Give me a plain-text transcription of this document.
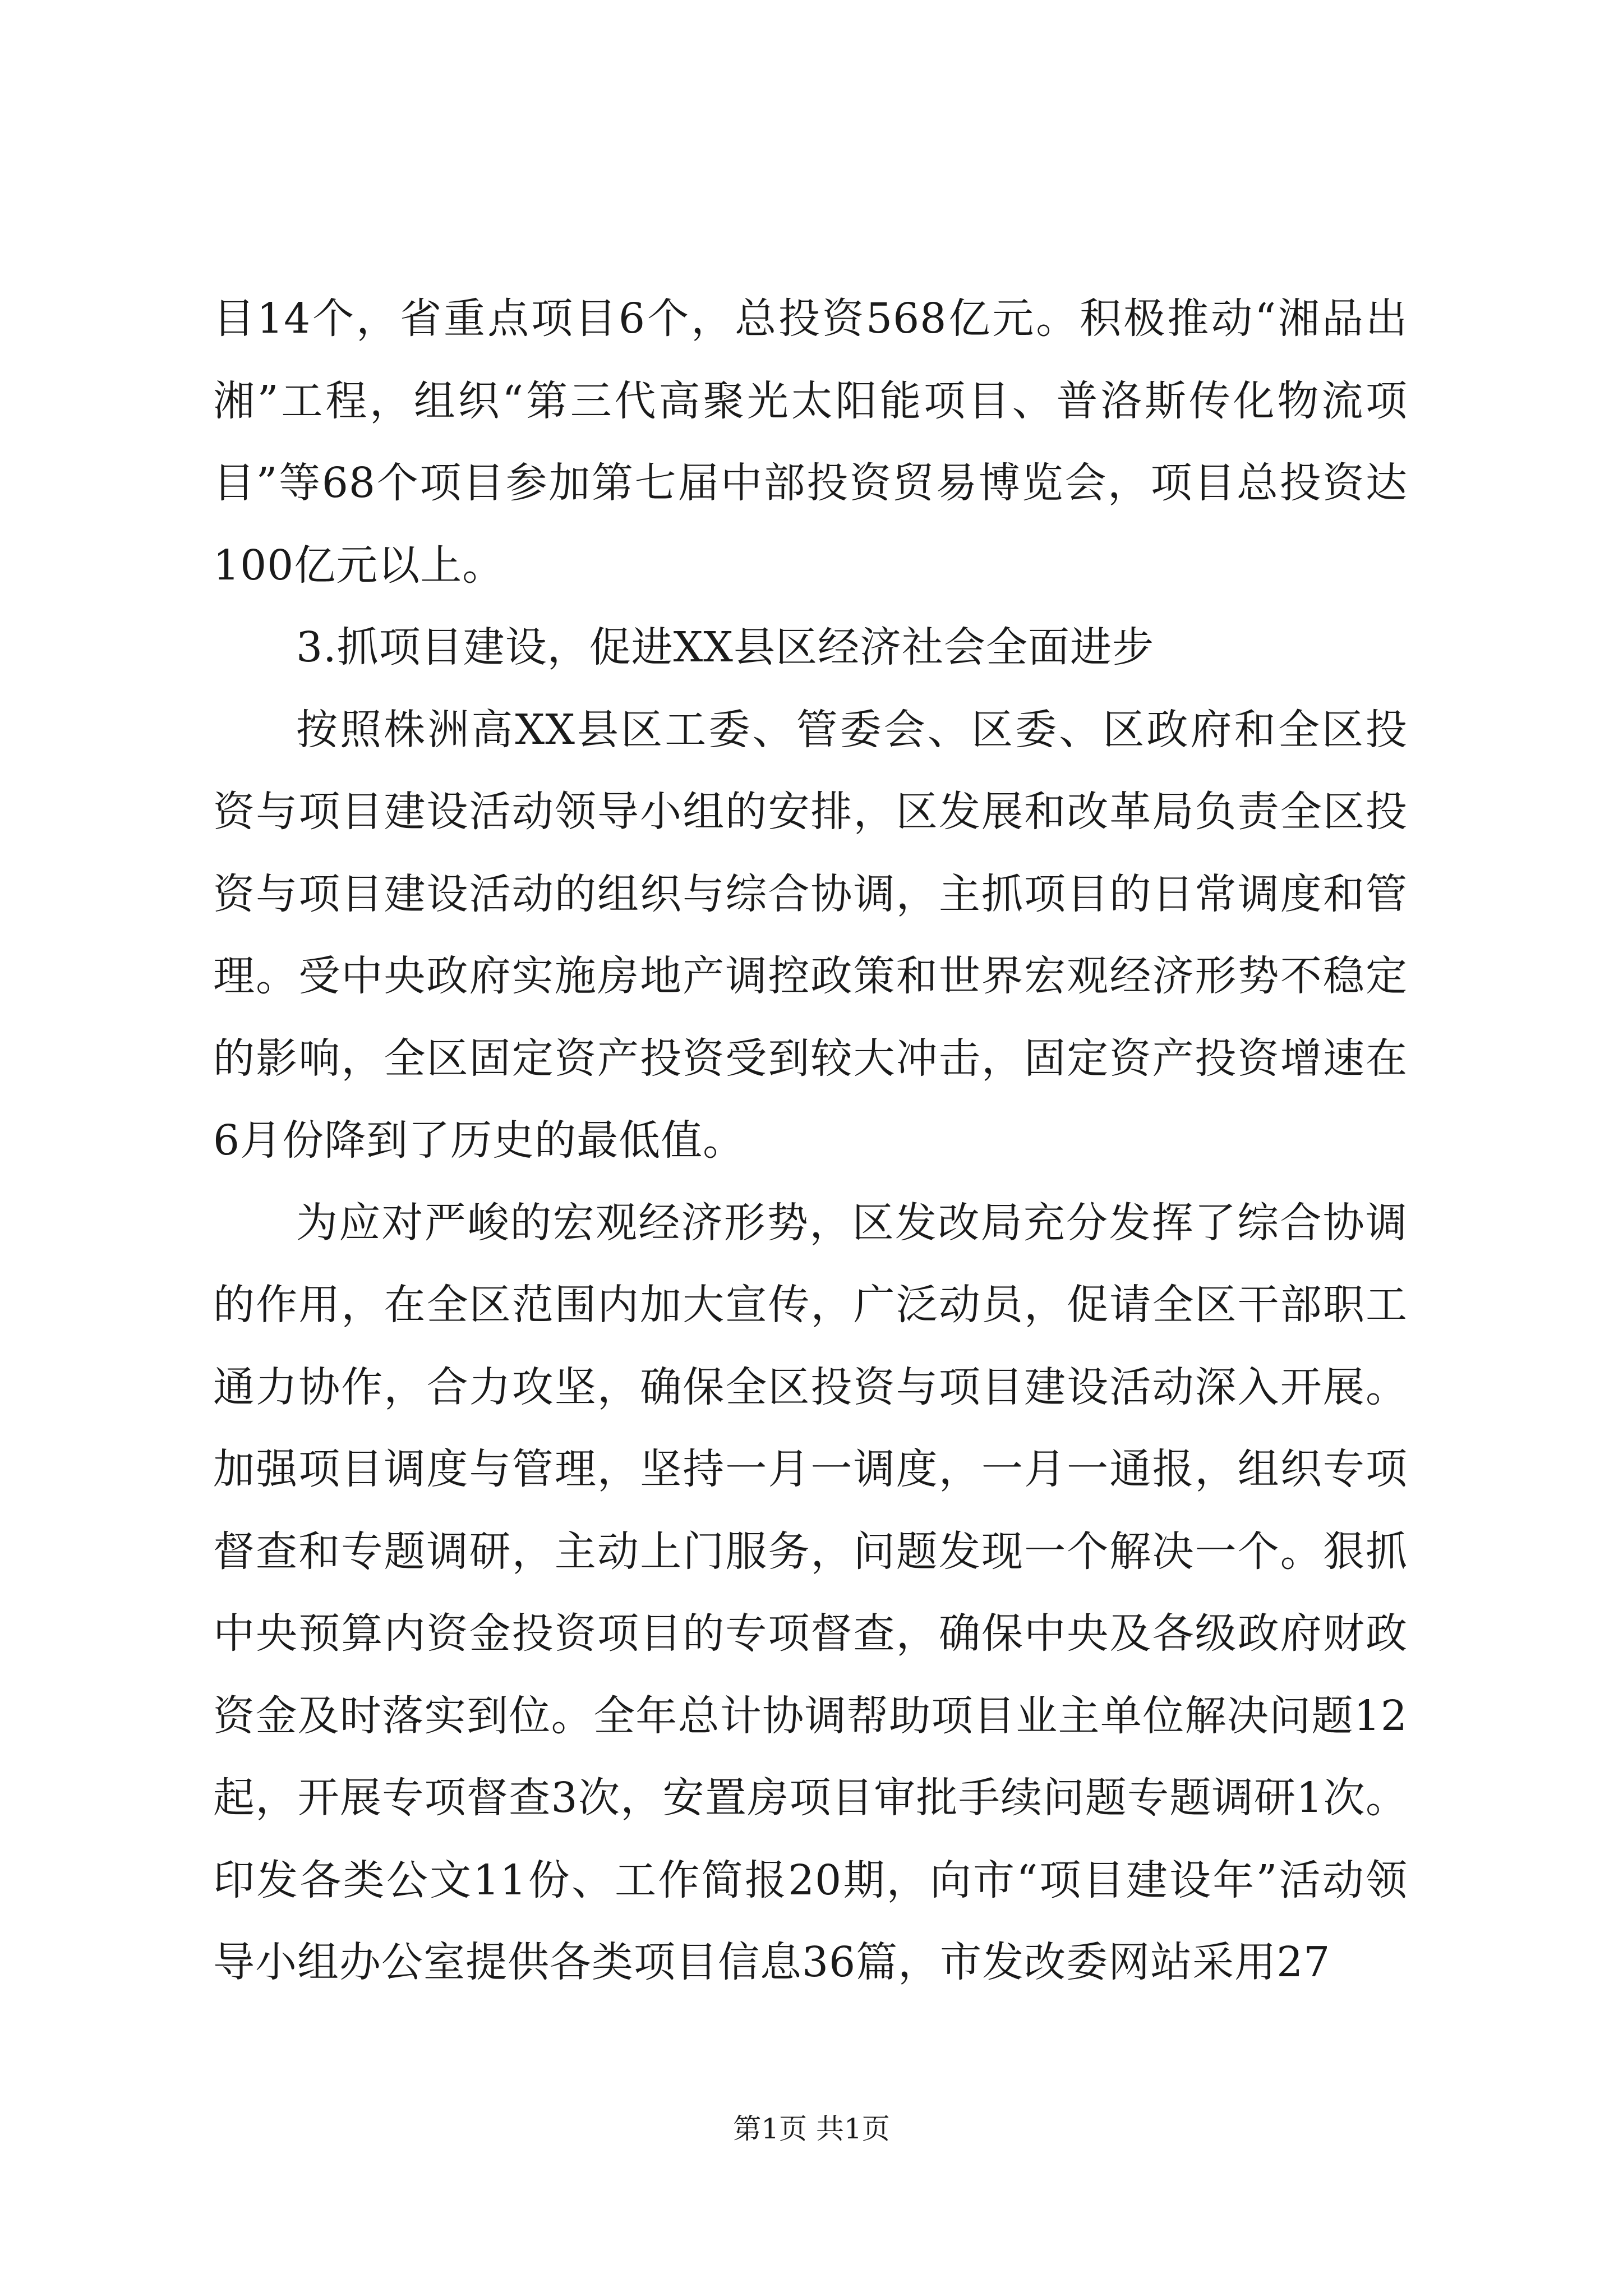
目14个，省重点项目6个，总投资568亿元。积极推动“湘品出湘”工程，组织“第三代高聚光太阳能项目、普洛斯传化物流项目”等68个项目参加第七届中部投资贸易博览会，项目总投资达100亿元以上。

3.抓项目建设，促进XX县区经济社会全面进步

按照株洲高XX县区工委、管委会、区委、区政府和全区投资与项目建设活动领导小组的安排，区发展和改革局负责全区投资与项目建设活动的组织与综合协调，主抓项目的日常调度和管理。受中央政府实施房地产调控政策和世界宏观经济形势不稳定的影响，全区固定资产投资受到较大冲击，固定资产投资增速在6月份降到了历史的最低值。

为应对严峻的宏观经济形势，区发改局充分发挥了综合协调的作用，在全区范围内加大宣传，广泛动员，促请全区干部职工通力协作，合力攻坚，确保全区投资与项目建设活动深入开展。加强项目调度与管理，坚持一月一调度，一月一通报，组织专项督查和专题调研，主动上门服务，问题发现一个解决一个。狠抓中央预算内资金投资项目的专项督查，确保中央及各级政府财政资金及时落实到位。全年总计协调帮助项目业主单位解决问题12起，开展专项督查3次，安置房项目审批手续问题专题调研1次。印发各类公文11份、工作简报20期，向市“项目建设年”活动领导小组办公室提供各类项目信息36篇，市发改委网站采用27

第1页 共1页
